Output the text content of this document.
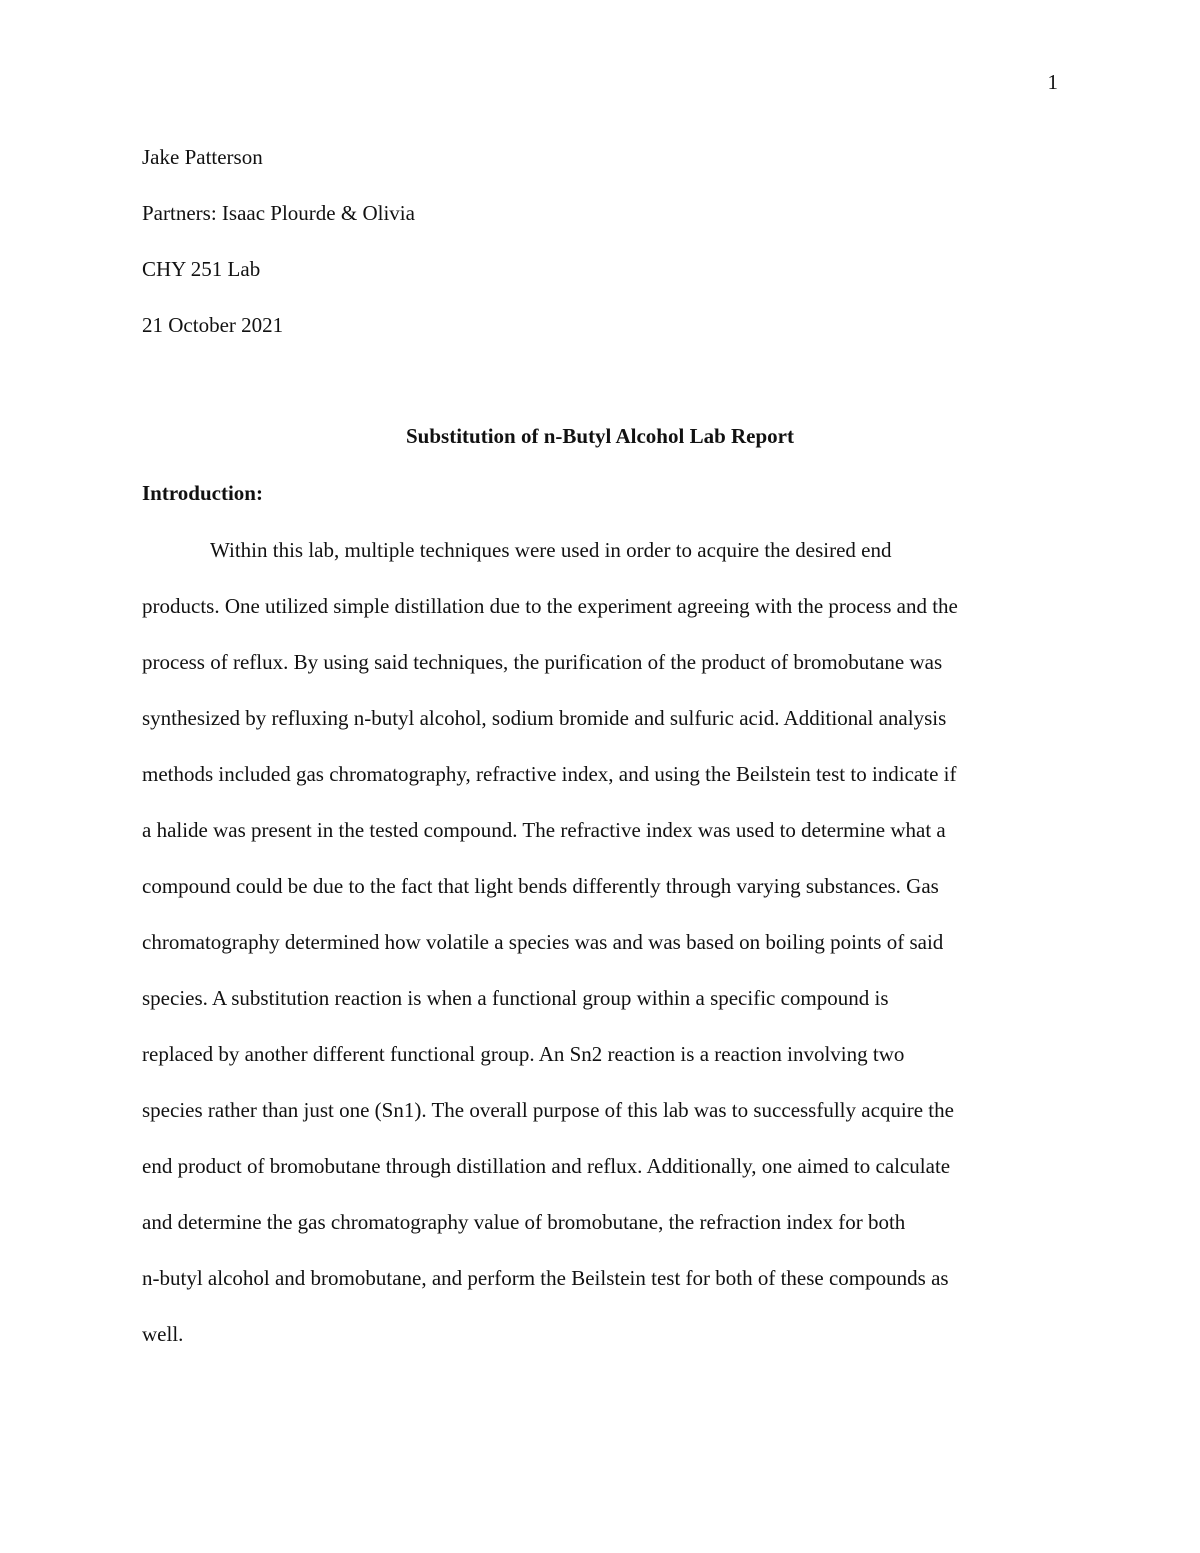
1
Jake Patterson
Partners: Isaac Plourde & Olivia
CHY 251 Lab
21 October 2021
Substitution of n-Butyl Alcohol Lab Report
Introduction:
Within this lab, multiple techniques were used in order to acquire the desired end
products. One utilized simple distillation due to the experiment agreeing with the process and the
process of reflux. By using said techniques, the purification of the product of bromobutane was
synthesized by refluxing n-butyl alcohol, sodium bromide and sulfuric acid. Additional analysis
methods included gas chromatography, refractive index, and using the Beilstein test to indicate if
a halide was present in the tested compound. The refractive index was used to determine what a
compound could be due to the fact that light bends differently through varying substances. Gas
chromatography determined how volatile a species was and was based on boiling points of said
species. A substitution reaction is when a functional group within a specific compound is
replaced by another different functional group. An Sn2 reaction is a reaction involving two
species rather than just one (Sn1). The overall purpose of this lab was to successfully acquire the
end product of bromobutane through distillation and reflux. Additionally, one aimed to calculate
and determine the gas chromatography value of bromobutane, the refraction index for both
n-butyl alcohol and bromobutane, and perform the Beilstein test for both of these compounds as
well.
